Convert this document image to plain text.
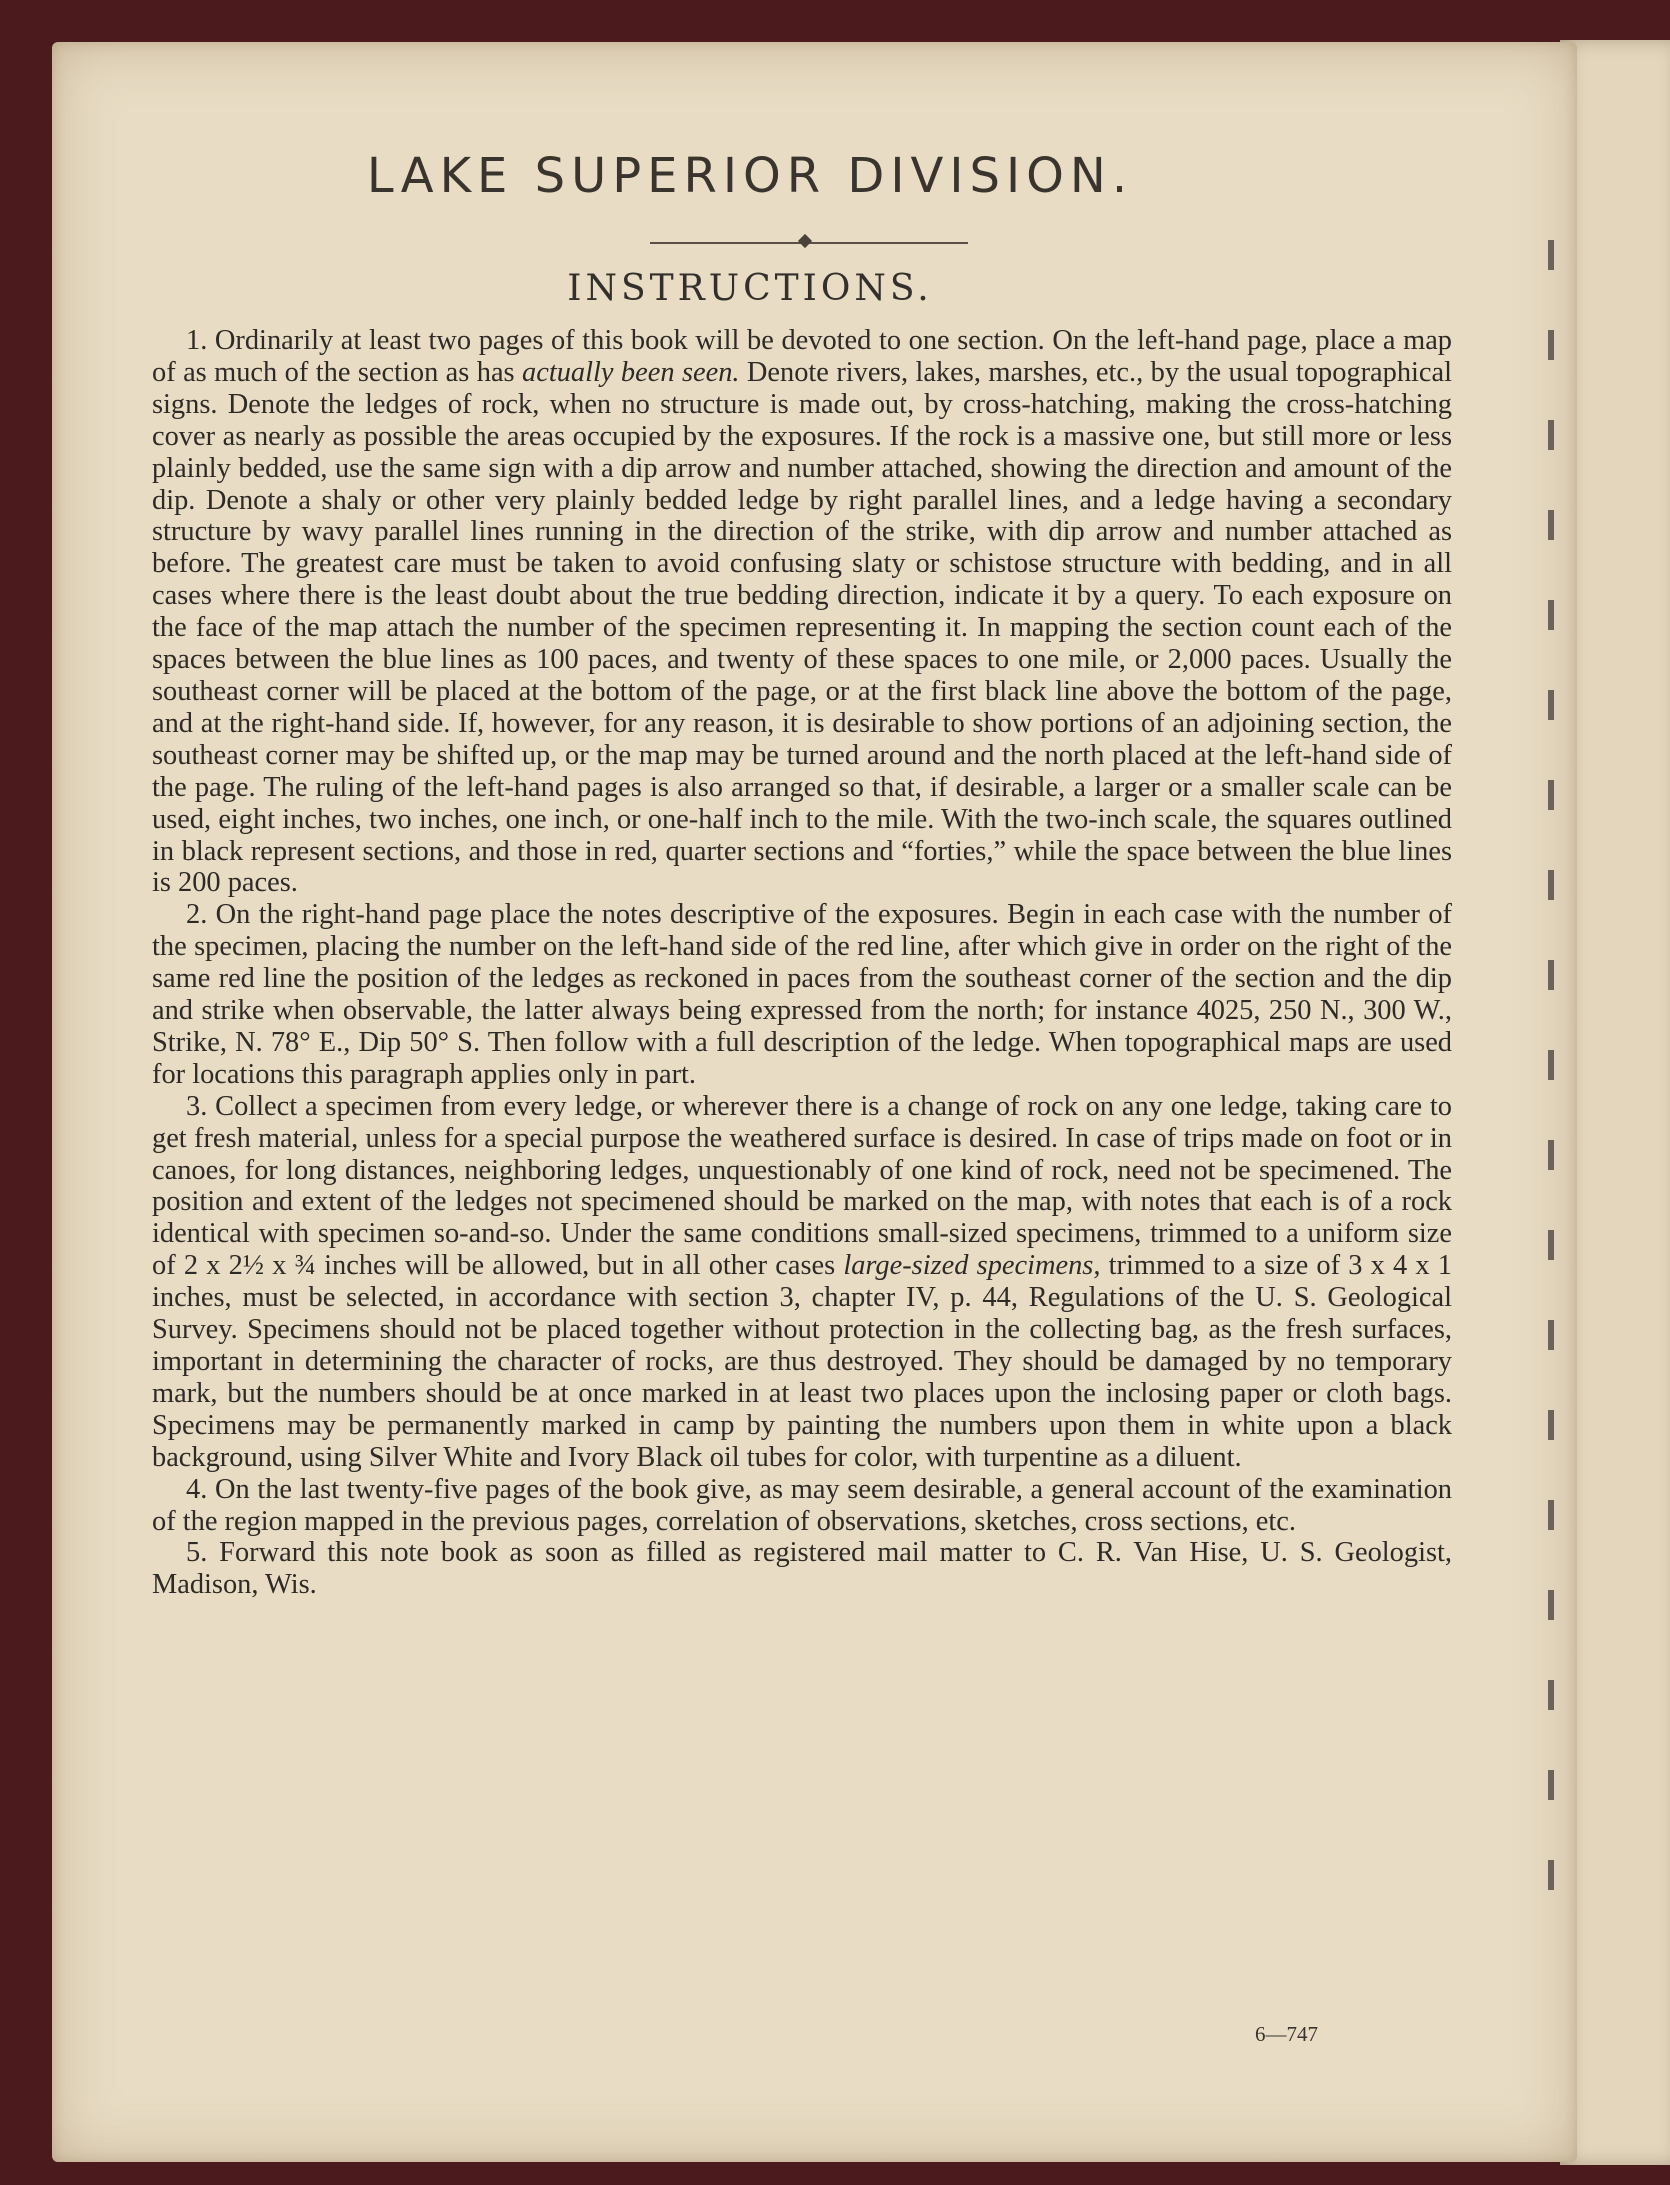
LAKE SUPERIOR DIVISION.
INSTRUCTIONS.

1. Ordinarily at least two pages of this book will be devoted to one section. On the left-hand page, place a map of as much of the section as has actually been seen. Denote rivers, lakes, marshes, etc., by the usual topographical signs. Denote the ledges of rock, when no structure is made out, by cross-hatching, making the cross-hatching cover as nearly as possible the areas occupied by the exposures. If the rock is a massive one, but still more or less plainly bedded, use the same sign with a dip arrow and number attached, showing the direction and amount of the dip. Denote a shaly or other very plainly bedded ledge by right parallel lines, and a ledge having a secondary structure by wavy parallel lines running in the direction of the strike, with dip arrow and number attached as before. The greatest care must be taken to avoid confusing slaty or schistose structure with bedding, and in all cases where there is the least doubt about the true bedding direction, indicate it by a query. To each exposure on the face of the map attach the number of the specimen representing it. In mapping the section count each of the spaces between the blue lines as 100 paces, and twenty of these spaces to one mile, or 2,000 paces. Usually the southeast corner will be placed at the bottom of the page, or at the first black line above the bottom of the page, and at the right-hand side. If, however, for any reason, it is desirable to show portions of an adjoining section, the southeast corner may be shifted up, or the map may be turned around and the north placed at the left-hand side of the page. The ruling of the left-hand pages is also arranged so that, if desirable, a larger or a smaller scale can be used, eight inches, two inches, one inch, or one-half inch to the mile. With the two-inch scale, the squares outlined in black represent sections, and those in red, quarter sections and “forties,” while the space between the blue lines is 200 paces.

2. On the right-hand page place the notes descriptive of the exposures. Begin in each case with the number of the specimen, placing the number on the left-hand side of the red line, after which give in order on the right of the same red line the position of the ledges as reckoned in paces from the southeast corner of the section and the dip and strike when observable, the latter always being expressed from the north; for instance 4025, 250 N., 300 W., Strike, N. 78° E., Dip 50° S. Then follow with a full description of the ledge. When topographical maps are used for locations this paragraph applies only in part.

3. Collect a specimen from every ledge, or wherever there is a change of rock on any one ledge, taking care to get fresh material, unless for a special purpose the weathered surface is desired. In case of trips made on foot or in canoes, for long distances, neighboring ledges, unquestionably of one kind of rock, need not be specimened. The position and extent of the ledges not specimened should be marked on the map, with notes that each is of a rock identical with specimen so-and-so. Under the same conditions small-sized specimens, trimmed to a uniform size of 2 x 2½ x ¾ inches will be allowed, but in all other cases large-sized specimens, trimmed to a size of 3 x 4 x 1 inches, must be selected, in accordance with section 3, chapter IV, p. 44, Regulations of the U. S. Geological Survey. Specimens should not be placed together without protection in the collecting bag, as the fresh surfaces, important in determining the character of rocks, are thus destroyed. They should be damaged by no temporary mark, but the numbers should be at once marked in at least two places upon the inclosing paper or cloth bags. Specimens may be permanently marked in camp by painting the numbers upon them in white upon a black background, using Silver White and Ivory Black oil tubes for color, with turpentine as a diluent.

4. On the last twenty-five pages of the book give, as may seem desirable, a general account of the examination of the region mapped in the previous pages, correlation of observations, sketches, cross sections, etc.

5. Forward this note book as soon as filled as registered mail matter to C. R. Van Hise, U. S. Geologist, Madison, Wis.

6—747
